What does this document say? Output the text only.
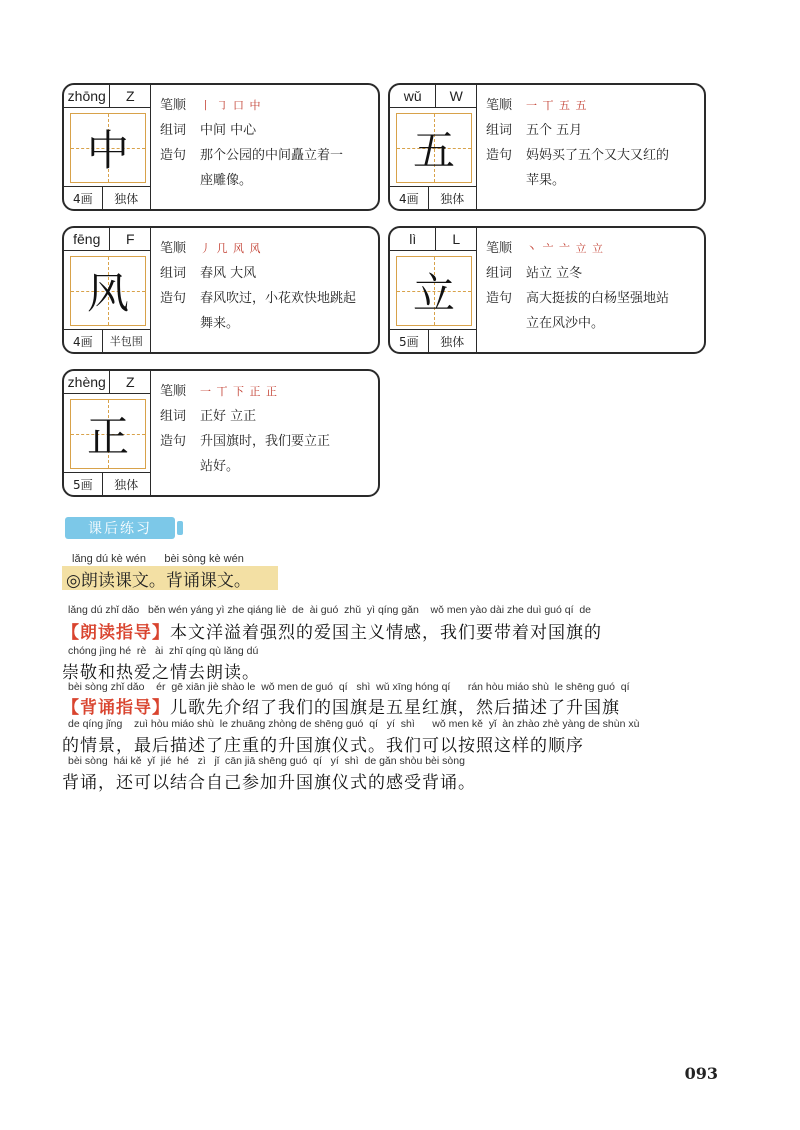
zhōng	Z
中
4画	独体
笔顺	丨 ㇆ 口 中
组词	中间 中心
造句	那个公园的中间矗立着一
座雕像。
wǔ	W
五
4画	独体
笔顺	一 丅 五 五
组词	五个 五月
造句	妈妈买了五个又大又红的
苹果。
fēng	F
风
4画	半包围
笔顺	丿 几 风 风
组词	春风 大风
造句	春风吹过，小花欢快地跳起
舞来。
lì	L
立
5画	独体
笔顺	丶 亠 亠 立 立
组词	站立 立冬
造句	高大挺拔的白杨坚强地站
立在风沙中。
zhèng	Z
正
5画	独体
笔顺	一 丅 下 正 正
组词	正好 立正
造句	升国旗时，我们要立正
站好。
课后练习
lǎng dú kè wén      bèi sòng kè wén
◎朗读课文。背诵课文。
lǎng dú zhǐ dǎo   běn wén yáng yì zhe qiáng liè  de  ài guó  zhǔ  yì qíng gǎn    wǒ men yào dài zhe duì guó qí  de
【朗读指导】本文洋溢着强烈的爱国主义情感，我们要带着对国旗的
chóng jìng hé  rè   ài  zhī qíng qù lǎng dú
崇敬和热爱之情去朗读。
bèi sòng zhǐ dǎo    ér  gē xiān jiè shào le  wǒ men de guó  qí   shì  wǔ xīng hóng qí      rán hòu miáo shù  le shēng guó  qí
【背诵指导】儿歌先介绍了我们的国旗是五星红旗，然后描述了升国旗
de qíng jǐng    zuì hòu miáo shù  le zhuāng zhòng de shēng guó  qí   yí  shì      wǒ men kě  yǐ  àn zhào zhè yàng de shùn xù
的情景，最后描述了庄重的升国旗仪式。我们可以按照这样的顺序
bèi sòng  hái kě  yǐ  jié  hé   zì   jǐ  cān jiā shēng guó  qí   yí  shì  de gǎn shòu bèi sòng
背诵，还可以结合自己参加升国旗仪式的感受背诵。
093
